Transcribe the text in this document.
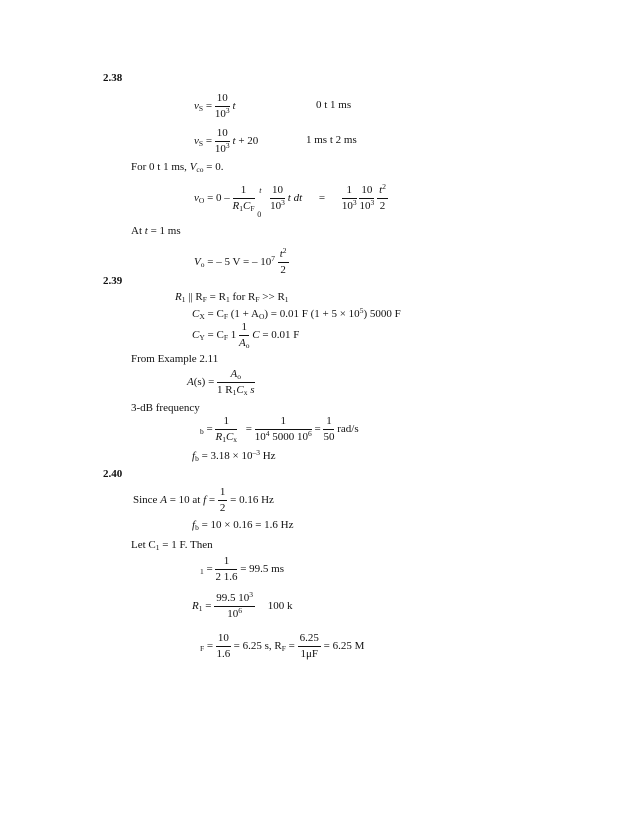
2.38
2.39
2.40
vS = $\frac{10}{10^3}$ t	0 t 1 ms
vS = $\frac{10}{10^3}$ t + 20	1 ms t 2 ms
For 0 t 1 ms, Vco = 0.
vO = $0 - \frac{1}{R1CF}$
t
0

$\frac{10}{10^3}$ t dt = $\frac{1}{10^3}$
$\frac{10}{10^3}$
$\frac{t^2}{2}$
At t = 1 ms
Vo = – 5 V = – $10^7 \frac{t^2}{2}$
R1 || RF = R1 for RF >> R1
CX = CF (1 + AO) = 0.01 F $(1 + 5 \times 10^5)$ 5000 F
CY = CF $1 \frac{1}{Ao}$ C = 0.01 F
From Example 2.11
$A(s) = \frac{Ao}{\text{1 R1Cx s}}$
3-dB frequency
$b = \frac{1}{R1Cx} = \frac{1}{10^4 5000 10^6} = \frac{1}{50} rad/s$
fb = $3.18 \times 10^{-3}$ Hz
Since A = 10 at $f = \frac{1}{2} = 0.16$ Hz
fb = 10 × 0.16 = 1.6 Hz
Let C1 = 1 F. Then
$1 = \frac{1}{2 1.6} = 99.5$ ms
$R1 = \frac{99.5 10^3}{10^6} 100$ k
$F = \frac{10}{1.6} = 6.25$ s, RF = $\frac{6.25}{1\mu F} = 6.25$ M
